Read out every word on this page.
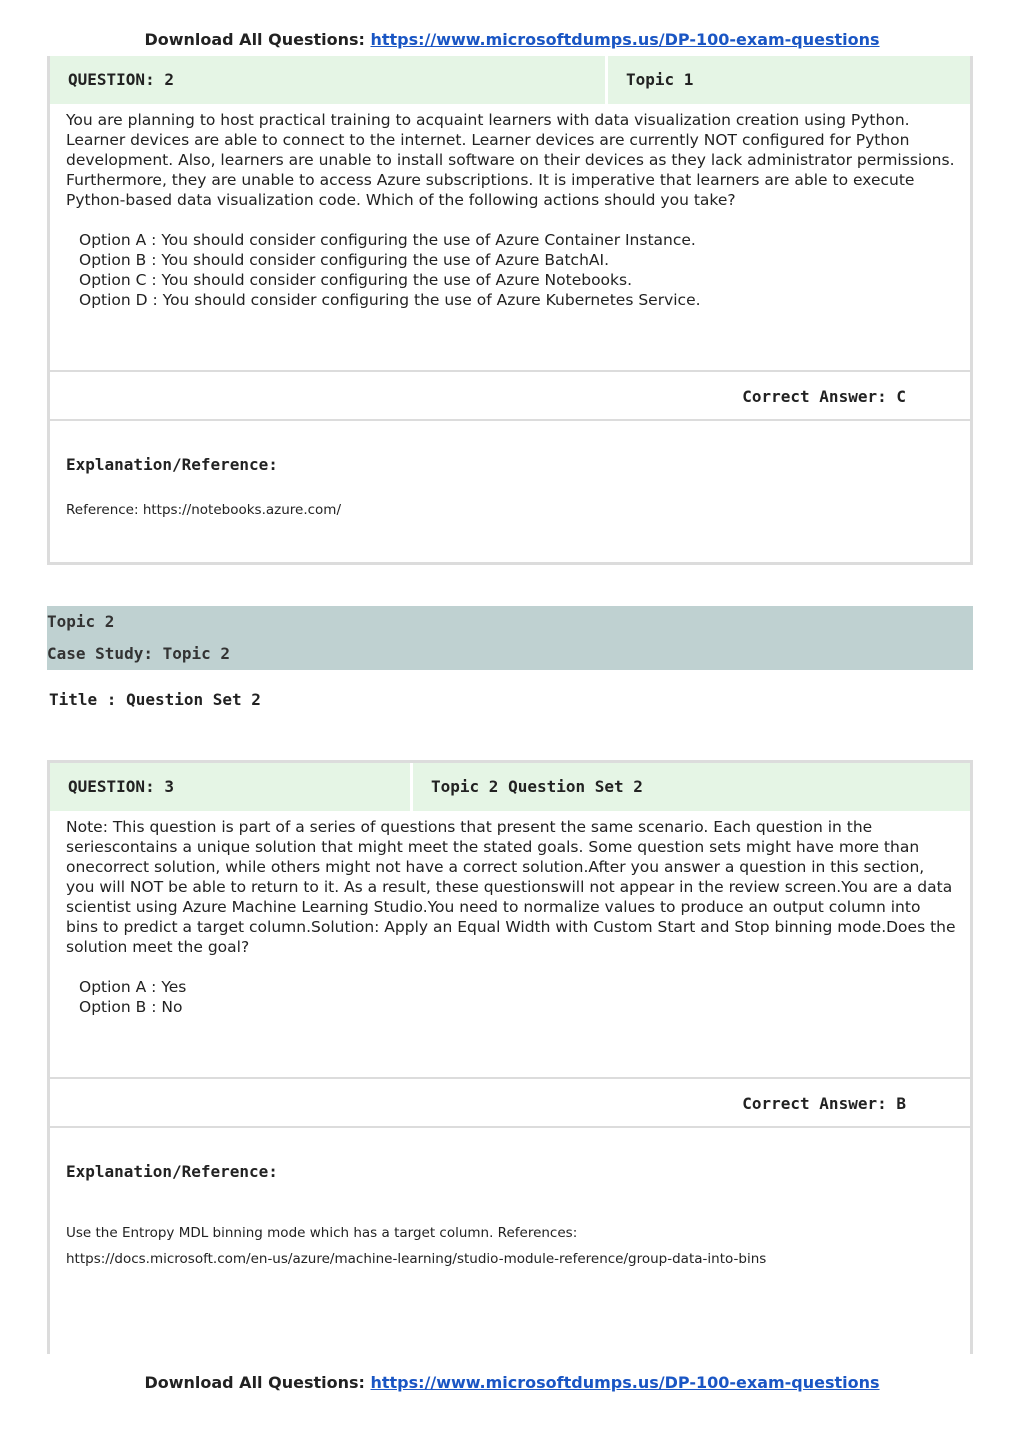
Download All Questions: https://www.microsoftdumps.us/DP-100-exam-questions
QUESTION: 2	Topic 1

You are planning to host practical training to acquaint learners with data visualization creation using Python. Learner devices are able to connect to the internet. Learner devices are currently NOT configured for Python development. Also, learners are unable to install software on their devices as they lack administrator permissions. Furthermore, they are unable to access Azure subscriptions. It is imperative that learners are able to execute Python-based data visualization code. Which of the following actions should you take?

Option A : You should consider configuring the use of Azure Container Instance.
Option B : You should consider configuring the use of Azure BatchAI.
Option C : You should consider configuring the use of Azure Notebooks.
Option D : You should consider configuring the use of Azure Kubernetes Service.
Correct Answer: C
Explanation/Reference:
Reference: https://notebooks.azure.com/
Topic 2
Case Study: Topic 2
Title : Question Set 2
QUESTION: 3	Topic 2 Question Set 2

Note: This question is part of a series of questions that present the same scenario. Each question in the seriescontains a unique solution that might meet the stated goals. Some question sets might have more than onecorrect solution, while others might not have a correct solution.After you answer a question in this section, you will NOT be able to return to it. As a result, these questionswill not appear in the review screen.You are a data scientist using Azure Machine Learning Studio.You need to normalize values to produce an output column into bins to predict a target column.Solution: Apply an Equal Width with Custom Start and Stop binning mode.Does the solution meet the goal?

Option A : Yes
Option B : No
Correct Answer: B
Explanation/Reference:
Use the Entropy MDL binning mode which has a target column. References:
https://docs.microsoft.com/en-us/azure/machine-learning/studio-module-reference/group-data-into-bins
Download All Questions: https://www.microsoftdumps.us/DP-100-exam-questions
